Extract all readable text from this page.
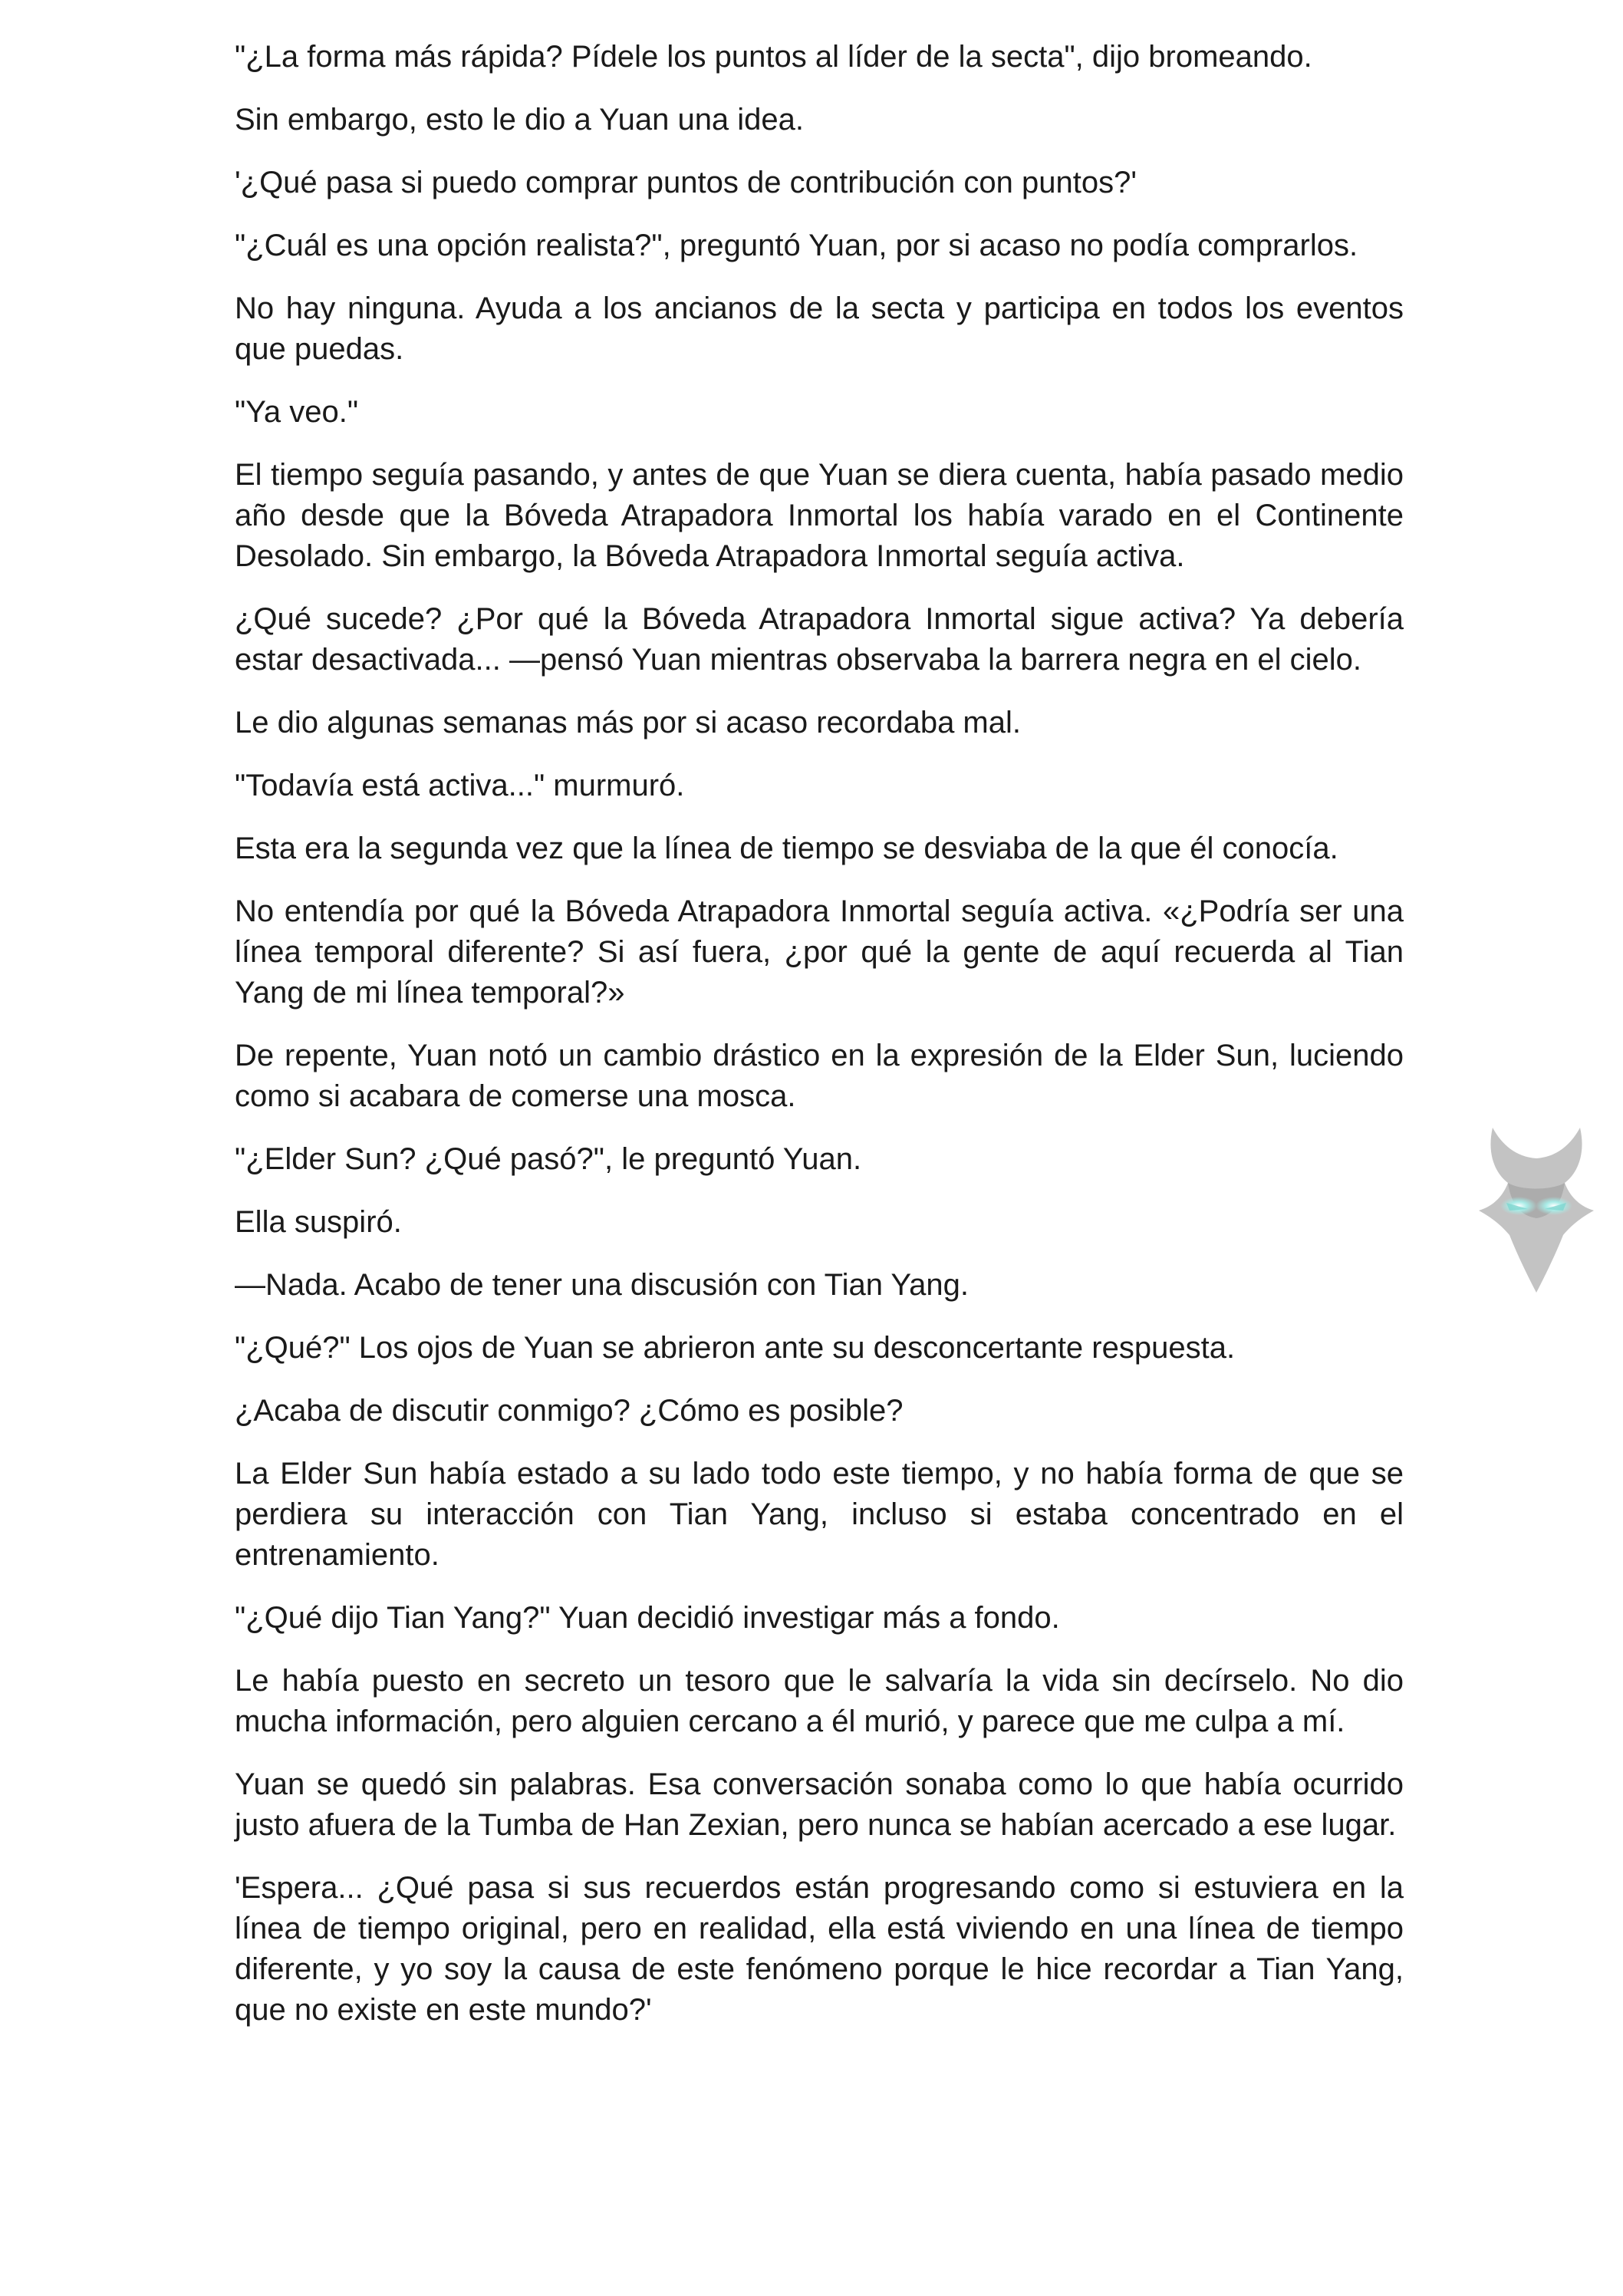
"¿La forma más rápida? Pídele los puntos al líder de la secta", dijo bromeando.

Sin embargo, esto le dio a Yuan una idea.

'¿Qué pasa si puedo comprar puntos de contribución con puntos?'

"¿Cuál es una opción realista?", preguntó Yuan, por si acaso no podía comprarlos.

No hay ninguna. Ayuda a los ancianos de la secta y participa en todos los eventos que puedas.

"Ya veo."

El tiempo seguía pasando, y antes de que Yuan se diera cuenta, había pasado medio año desde que la Bóveda Atrapadora Inmortal los había varado en el Continente Desolado. Sin embargo, la Bóveda Atrapadora Inmortal seguía activa.

¿Qué sucede? ¿Por qué la Bóveda Atrapadora Inmortal sigue activa? Ya debería estar desactivada... —pensó Yuan mientras observaba la barrera negra en el cielo.

Le dio algunas semanas más por si acaso recordaba mal.

"Todavía está activa..." murmuró.

Esta era la segunda vez que la línea de tiempo se desviaba de la que él conocía.

No entendía por qué la Bóveda Atrapadora Inmortal seguía activa. «¿Podría ser una línea temporal diferente? Si así fuera, ¿por qué la gente de aquí recuerda al Tian Yang de mi línea temporal?»

De repente, Yuan notó un cambio drástico en la expresión de la Elder Sun, luciendo como si acabara de comerse una mosca.

"¿Elder Sun? ¿Qué pasó?", le preguntó Yuan.

Ella suspiró.

—Nada. Acabo de tener una discusión con Tian Yang.

"¿Qué?" Los ojos de Yuan se abrieron ante su desconcertante respuesta.

¿Acaba de discutir conmigo? ¿Cómo es posible?

La Elder Sun había estado a su lado todo este tiempo, y no había forma de que se perdiera su interacción con Tian Yang, incluso si estaba concentrado en el entrenamiento.

"¿Qué dijo Tian Yang?" Yuan decidió investigar más a fondo.

Le había puesto en secreto un tesoro que le salvaría la vida sin decírselo. No dio mucha información, pero alguien cercano a él murió, y parece que me culpa a mí.

Yuan se quedó sin palabras. Esa conversación sonaba como lo que había ocurrido justo afuera de la Tumba de Han Zexian, pero nunca se habían acercado a ese lugar.

'Espera... ¿Qué pasa si sus recuerdos están progresando como si estuviera en la línea de tiempo original, pero en realidad, ella está viviendo en una línea de tiempo diferente, y yo soy la causa de este fenómeno porque le hice recordar a Tian Yang, que no existe en este mundo?'
